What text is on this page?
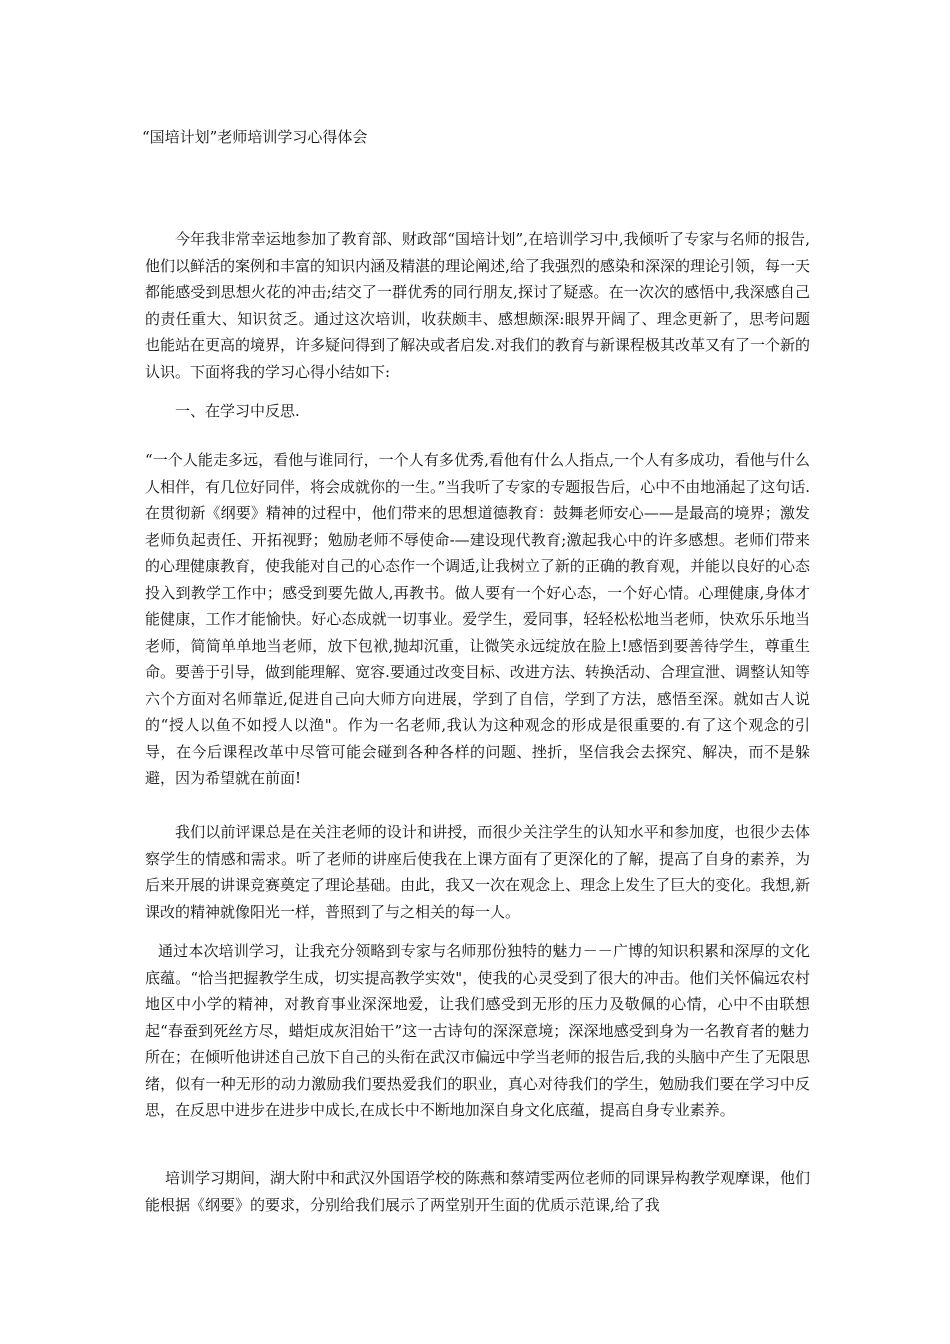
“国培计划”老师培训学习心得体会

今年我非常幸运地参加了教育部、财政部“国培计划”,在培训学习中,我倾听了专家与名师的报告,他们以鲜活的案例和丰富的知识内涵及精湛的理论阐述,给了我强烈的感染和深深的理论引领，每一天都能感受到思想火花的冲击;结交了一群优秀的同行朋友,探讨了疑惑。在一次次的感悟中,我深感自己的责任重大、知识贫乏。通过这次培训，收获颇丰、感想颇深:眼界开阔了、理念更新了，思考问题也能站在更高的境界，许多疑问得到了解决或者启发.对我们的教育与新课程极其改革又有了一个新的认识。下面将我的学习心得小结如下:

一、在学习中反思.

“一个人能走多远，看他与谁同行，一个人有多优秀,看他有什么人指点,一个人有多成功，看他与什么人相伴，有几位好同伴，将会成就你的一生。”当我听了专家的专题报告后，心中不由地涌起了这句话.在贯彻新《纲要》精神的过程中，他们带来的思想道德教育：鼓舞老师安心——是最高的境界；激发老师负起责任、开拓视野；勉励老师不辱使命-—建设现代教育;激起我心中的许多感想。老师们带来的心理健康教育，使我能对自己的心态作一个调适,让我树立了新的正确的教育观，并能以良好的心态投入到教学工作中；感受到要先做人,再教书。做人要有一个好心态，一个好心情。心理健康,身体才能健康，工作才能愉快。好心态成就一切事业。爱学生，爱同事，轻轻松松地当老师，快欢乐乐地当老师，简简单单地当老师，放下包袱,抛却沉重，让微笑永远绽放在脸上!感悟到要善待学生，尊重生命。要善于引导，做到能理解、宽容.要通过改变目标、改进方法、转换活动、合理宣泄、调整认知等六个方面对名师靠近,促进自己向大师方向进展，学到了自信，学到了方法，感悟至深。就如古人说的“授人以鱼不如授人以渔"。作为一名老师,我认为这种观念的形成是很重要的.有了这个观念的引导，在今后课程改革中尽管可能会碰到各种各样的问题、挫折，坚信我会去探究、解决，而不是躲避，因为希望就在前面!

我们以前评课总是在关注老师的设计和讲授，而很少关注学生的认知水平和参加度，也很少去体察学生的情感和需求。听了老师的讲座后使我在上课方面有了更深化的了解，提高了自身的素养，为后来开展的讲课竞赛奠定了理论基础。由此，我又一次在观念上、理念上发生了巨大的变化。我想,新课改的精神就像阳光一样，普照到了与之相关的每一人。

通过本次培训学习，让我充分领略到专家与名师那份独特的魅力－－广博的知识积累和深厚的文化底蕴。“恰当把握教学生成，切实提高教学实效"，使我的心灵受到了很大的冲击。他们关怀偏远农村地区中小学的精神，对教育事业深深地爱，让我们感受到无形的压力及敬佩的心情，心中不由联想起“春蚕到死丝方尽，蜡炬成灰泪始干”这一古诗句的深深意境；深深地感受到身为一名教育者的魅力所在；在倾听他讲述自己放下自己的头衔在武汉市偏远中学当老师的报告后,我的头脑中产生了无限思绪，似有一种无形的动力激励我们要热爱我们的职业，真心对待我们的学生，勉励我们要在学习中反思，在反思中进步在进步中成长,在成长中不断地加深自身文化底蕴，提高自身专业素养。

培训学习期间，湖大附中和武汉外国语学校的陈燕和蔡靖雯两位老师的同课异构教学观摩课，他们能根据《纲要》的要求，分别给我们展示了两堂别开生面的优质示范课,给了我
